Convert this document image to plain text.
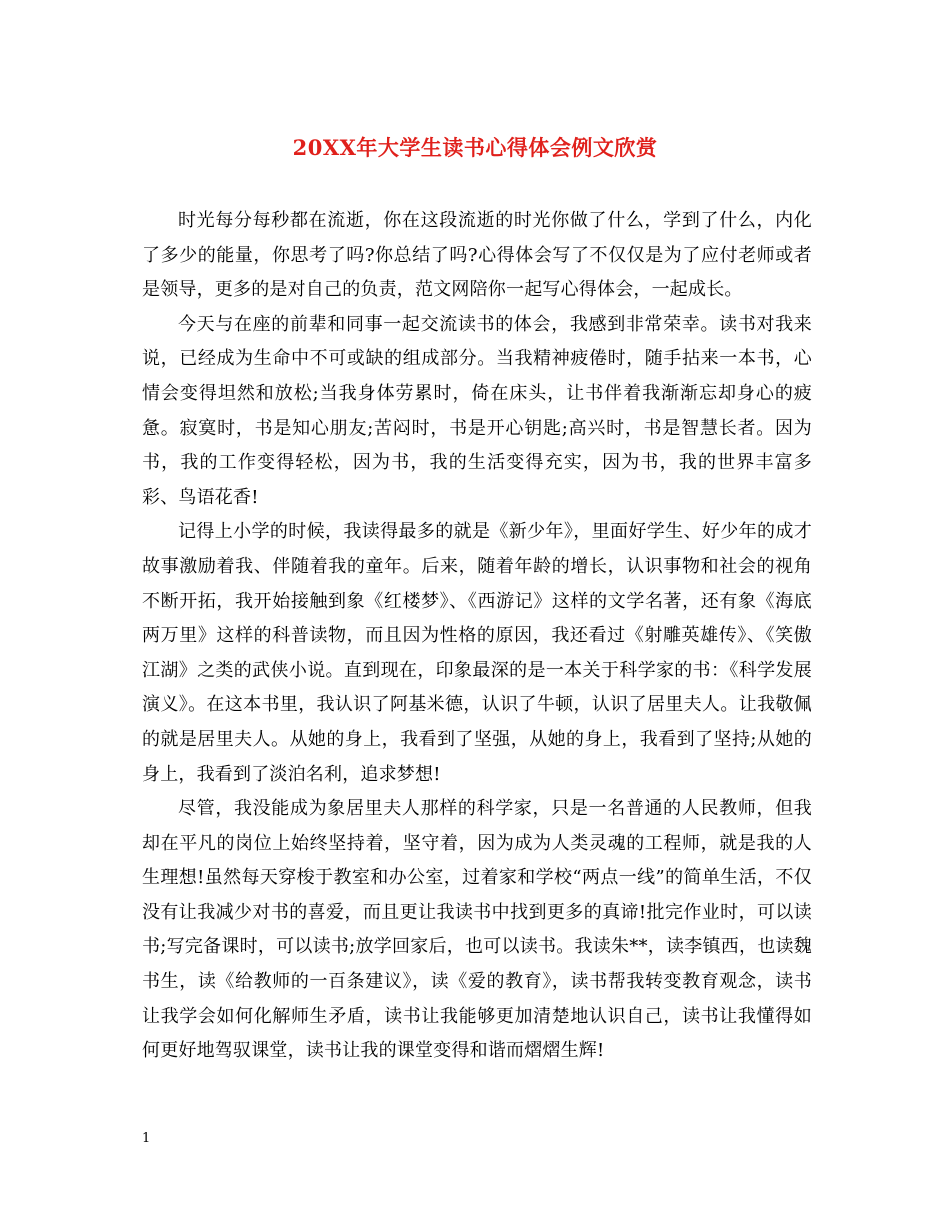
20XX年大学生读书心得体会例文欣赏

时光每分每秒都在流逝，你在这段流逝的时光你做了什么，学到了什么，内化了多少的能量，你思考了吗?你总结了吗?心得体会写了不仅仅是为了应付老师或者是领导，更多的是对自己的负责，范文网陪你一起写心得体会，一起成长。

今天与在座的前辈和同事一起交流读书的体会，我感到非常荣幸。读书对我来说，已经成为生命中不可或缺的组成部分。当我精神疲倦时，随手拈来一本书，心情会变得坦然和放松;当我身体劳累时，倚在床头，让书伴着我渐渐忘却身心的疲惫。寂寞时，书是知心朋友;苦闷时，书是开心钥匙;高兴时，书是智慧长者。因为书，我的工作变得轻松，因为书，我的生活变得充实，因为书，我的世界丰富多彩、鸟语花香!

记得上小学的时候，我读得最多的就是《新少年》，里面好学生、好少年的成才故事激励着我、伴随着我的童年。后来，随着年龄的增长，认识事物和社会的视角不断开拓，我开始接触到象《红楼梦》、《西游记》这样的文学名著，还有象《海底两万里》这样的科普读物，而且因为性格的原因，我还看过《射雕英雄传》、《笑傲江湖》之类的武侠小说。直到现在，印象最深的是一本关于科学家的书：《科学发展演义》。在这本书里，我认识了阿基米德，认识了牛顿，认识了居里夫人。让我敬佩的就是居里夫人。从她的身上，我看到了坚强，从她的身上，我看到了坚持;从她的身上，我看到了淡泊名利，追求梦想!

尽管，我没能成为象居里夫人那样的科学家，只是一名普通的人民教师，但我却在平凡的岗位上始终坚持着，坚守着，因为成为人类灵魂的工程师，就是我的人生理想!虽然每天穿梭于教室和办公室，过着家和学校“两点一线”的简单生活，不仅没有让我减少对书的喜爱，而且更让我读书中找到更多的真谛!批完作业时，可以读书;写完备课时，可以读书;放学回家后，也可以读书。我读朱**，读李镇西，也读魏书生，读《给教师的一百条建议》，读《爱的教育》，读书帮我转变教育观念，读书让我学会如何化解师生矛盾，读书让我能够更加清楚地认识自己，读书让我懂得如何更好地驾驭课堂，读书让我的课堂变得和谐而熠熠生辉!

1
